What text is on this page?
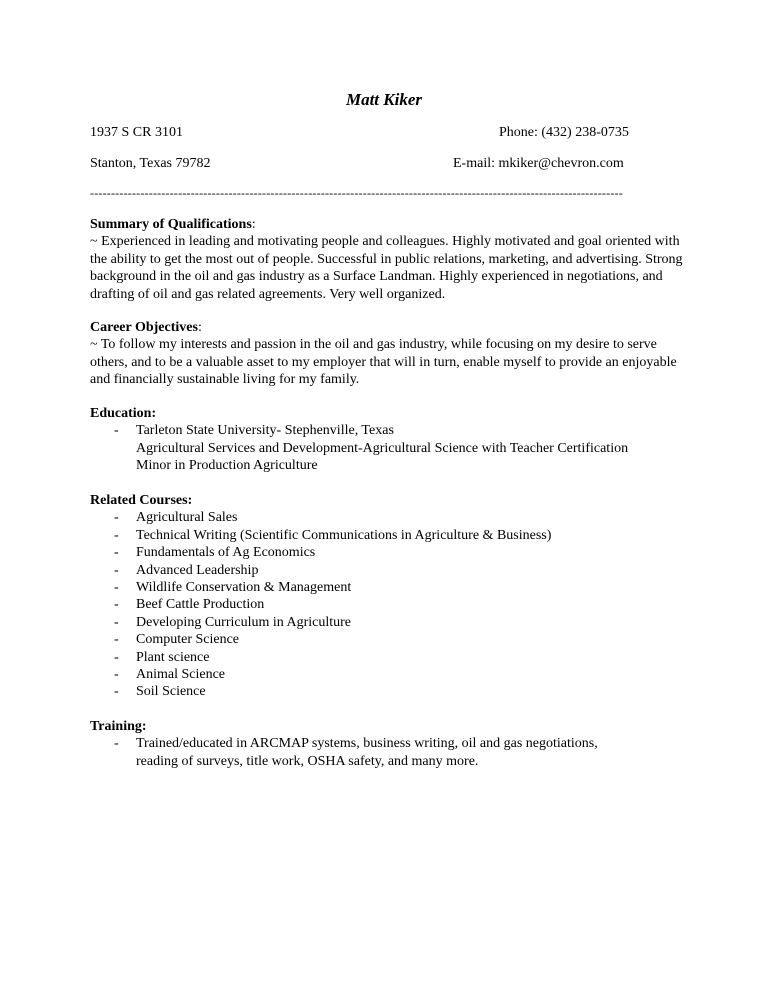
Matt Kiker
1937 S CR 3101	Phone: (432) 238-0735
Stanton, Texas 79782	E-mail: mkiker@chevron.com
-------------------------------------------------------------------------------------------------------------------------------
Summary of Qualifications:

~ Experienced in leading and motivating people and colleagues. Highly motivated and goal oriented with the ability to get the most out of people. Successful in public relations, marketing, and advertising. Strong background in the oil and gas industry as a Surface Landman. Highly experienced in negotiations, and drafting of oil and gas related agreements. Very well organized.

Career Objectives:

~ To follow my interests and passion in the oil and gas industry, while focusing on my desire to serve others, and to be a valuable asset to my employer that will in turn, enable myself to provide an enjoyable and financially sustainable living for my family.

Education:
- Tarleton State University- Stephenville, Texas
Agricultural Services and Development-Agricultural Science with Teacher Certification
Minor in Production Agriculture
Related Courses:
- Agricultural Sales
- Technical Writing (Scientific Communications in Agriculture & Business)
- Fundamentals of Ag Economics
- Advanced Leadership
- Wildlife Conservation & Management
- Beef Cattle Production
- Developing Curriculum in Agriculture
- Computer Science
- Plant science
- Animal Science
- Soil Science
Training:
- Trained/educated in ARCMAP systems, business writing, oil and gas negotiations,
reading of surveys, title work, OSHA safety, and many more.
